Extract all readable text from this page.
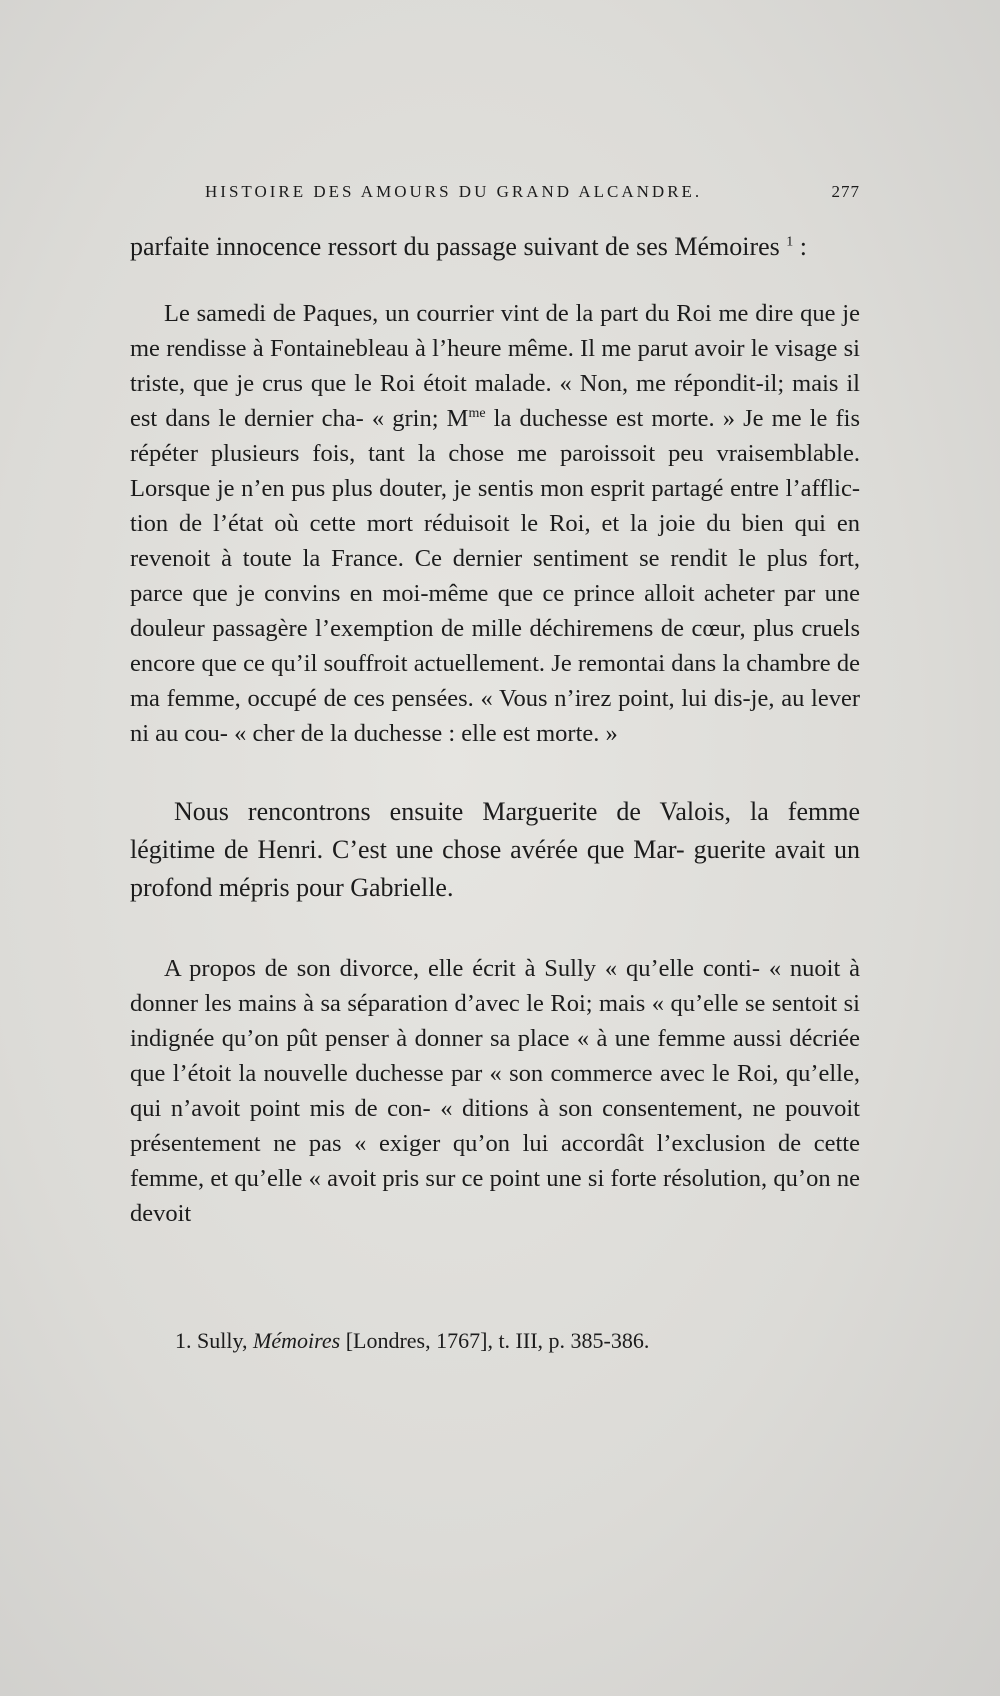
HISTOIRE DES AMOURS DU GRAND ALCANDRE.	277

parfaite innocence ressort du passage suivant de ses Mémoires $^1$ :

Le samedi de Paques, un courrier vint de la part du Roi me dire que je me rendisse à Fontainebleau à l’heure même. Il me parut avoir le visage si triste, que je crus que le Roi étoit malade. « Non, me répondit-il; mais il est dans le dernier cha- « grin; $M^{me}$ la duchesse est morte. » Je me le fis répéter plusieurs fois, tant la chose me paroissoit peu vraisemblable. Lorsque je n’en pus plus douter, je sentis mon esprit partagé entre l’afflic- tion de l’état où cette mort réduisoit le Roi, et la joie du bien qui en revenoit à toute la France. Ce dernier sentiment se rendit le plus fort, parce que je convins en moi-même que ce prince alloit acheter par une douleur passagère l’exemption de mille déchiremens de cœur, plus cruels encore que ce qu’il souffroit actuellement. Je remontai dans la chambre de ma femme, occupé de ces pensées. « Vous n’irez point, lui dis-je, au lever ni au cou- « cher de la duchesse : elle est morte. »

Nous rencontrons ensuite Marguerite de Valois, la femme légitime de Henri. C’est une chose avérée que Mar- guerite avait un profond mépris pour Gabrielle.

A propos de son divorce, elle écrit à Sully « qu’elle conti- « nuoit à donner les mains à sa séparation d’avec le Roi; mais « qu’elle se sentoit si indignée qu’on pût penser à donner sa place « à une femme aussi décriée que l’étoit la nouvelle duchesse par « son commerce avec le Roi, qu’elle, qui n’avoit point mis de con- « ditions à son consentement, ne pouvoit présentement ne pas « exiger qu’on lui accordât l’exclusion de cette femme, et qu’elle « avoit pris sur ce point une si forte résolution, qu’on ne devoit

1. Sully, Mémoires [Londres, 1767], t. III, p. 385-386.
